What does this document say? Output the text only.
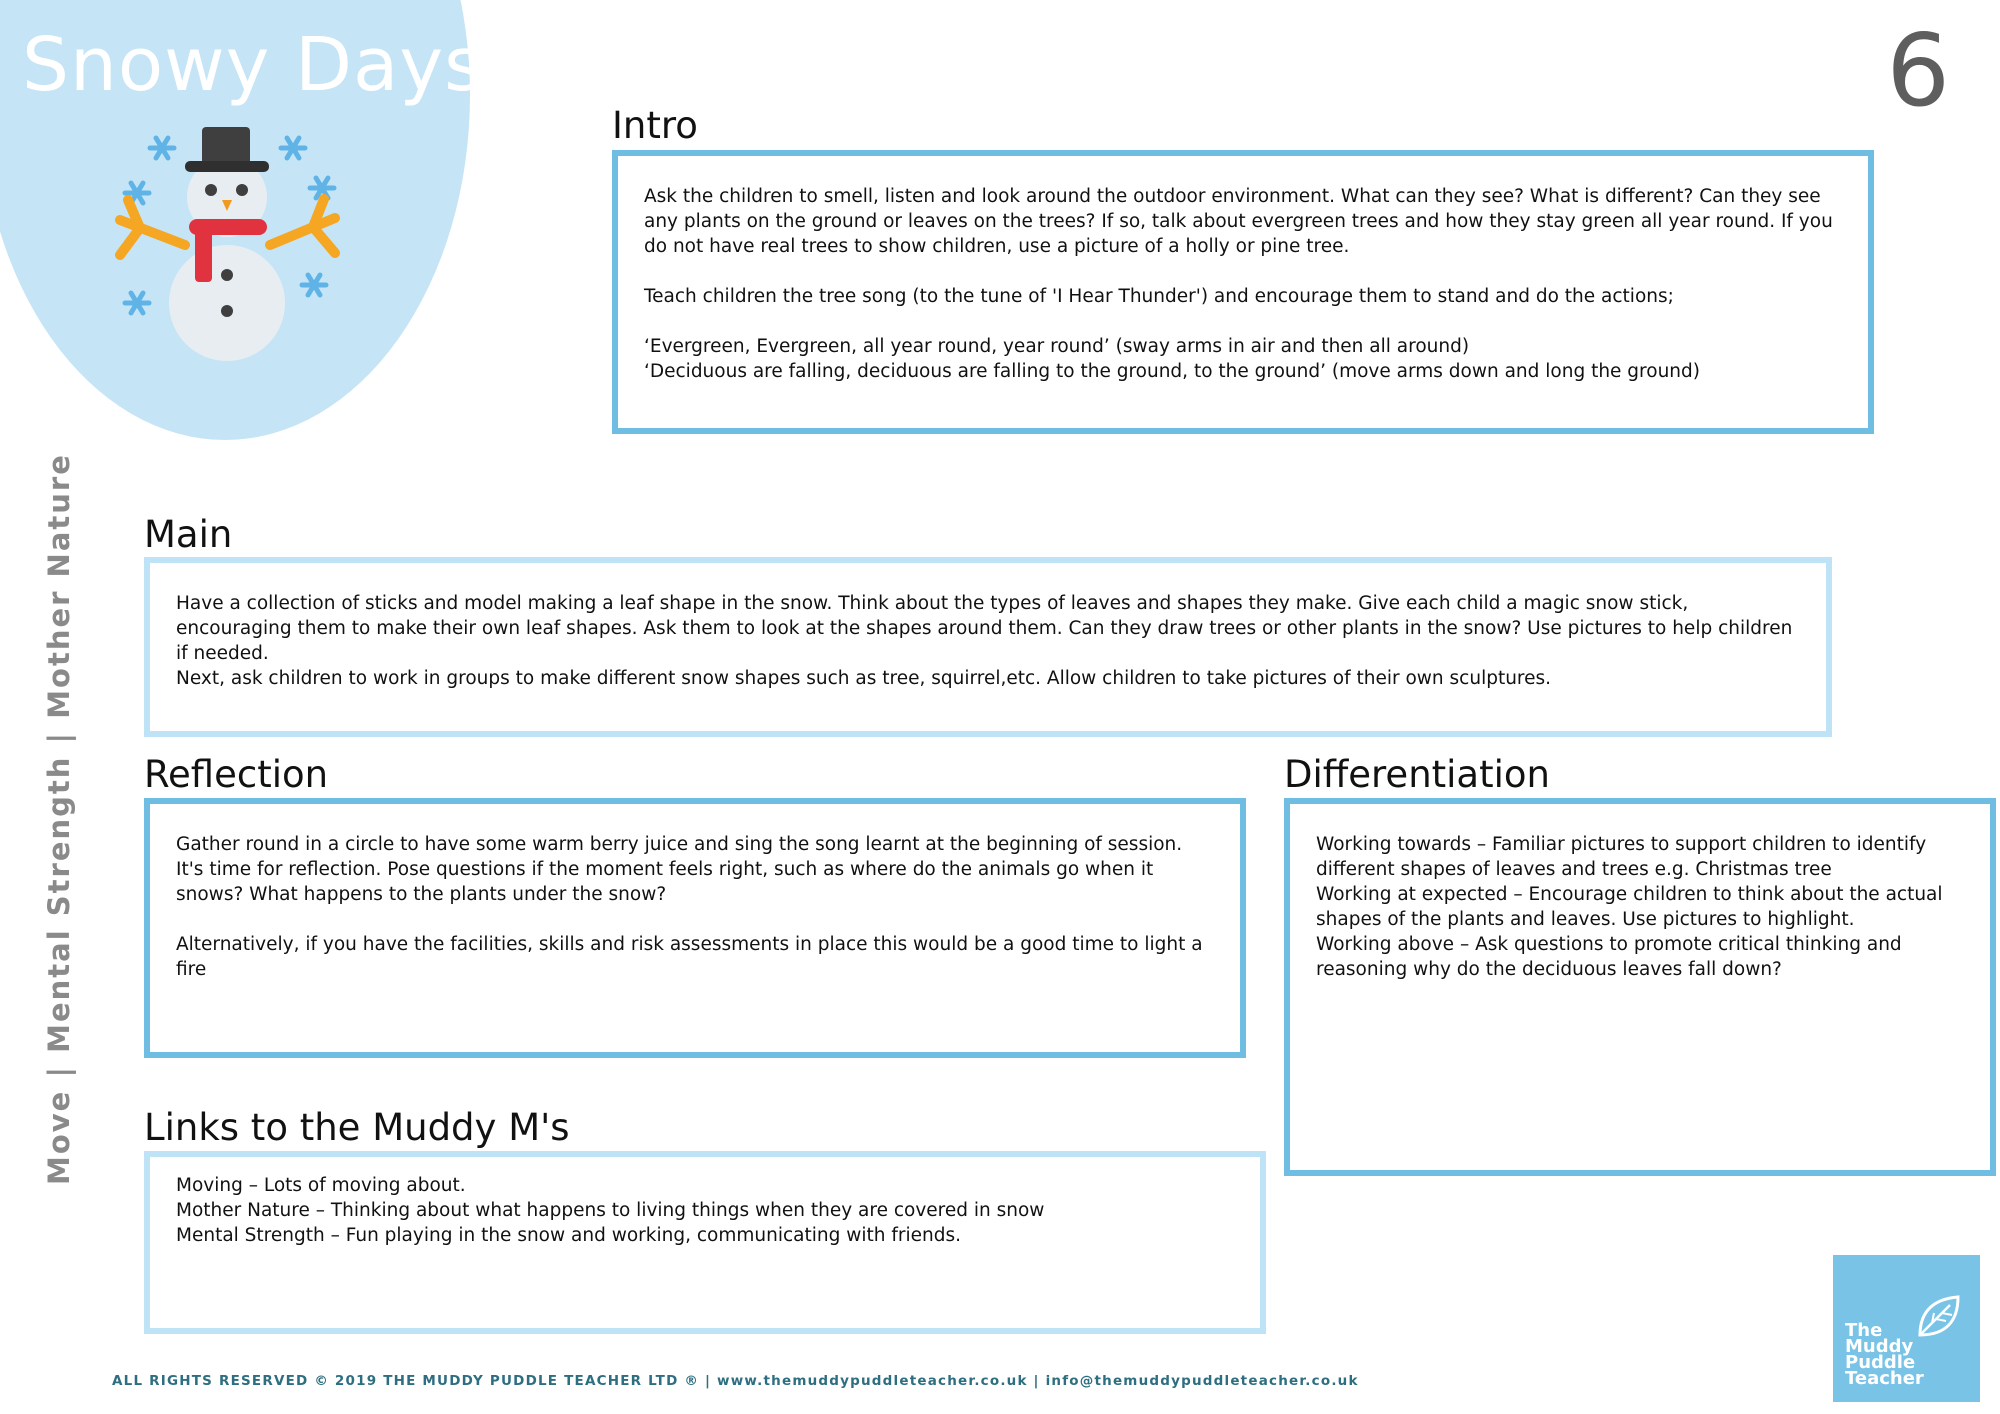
Snowy Days	6
Move | Mental Strength | Mother Nature
Intro

Ask the children to smell, listen and look around the outdoor environment. What can they see? What is different? Can they see any plants on the ground or leaves on the trees? If so, talk about evergreen trees and how they stay green all year round. If you do not have real trees to show children, use a picture of a holly or pine tree.

Teach children the tree song (to the tune of 'I Hear Thunder') and encourage them to stand and do the actions;

‘Evergreen, Evergreen, all year round, year round’ (sway arms in air and then all around)
‘Deciduous are falling, deciduous are falling to the ground, to the ground’ (move arms down and long the ground)

Main

Have a collection of sticks and model making a leaf shape in the snow. Think about the types of leaves and shapes they make. Give each child a magic snow stick, encouraging them to make their own leaf shapes. Ask them to look at the shapes around them. Can they draw trees or other plants in the snow? Use pictures to help children if needed.
Next, ask children to work in groups to make different snow shapes such as tree, squirrel,etc. Allow children to take pictures of their own sculptures.

Reflection

Gather round in a circle to have some warm berry juice and sing the song learnt at the beginning of session. It's time for reflection. Pose questions if the moment feels right, such as where do the animals go when it snows? What happens to the plants under the snow?

Alternatively, if you have the facilities, skills and risk assessments in place this would be a good time to light a fire

Differentiation

Working towards – Familiar pictures to support children to identify different shapes of leaves and trees e.g. Christmas tree
Working at expected – Encourage children to think about the actual shapes of the plants and leaves. Use pictures to highlight.
Working above – Ask questions to promote critical thinking and reasoning why do the deciduous leaves fall down?

Links to the Muddy M's

Moving – Lots of moving about.
Mother Nature – Thinking about what happens to living things when they are covered in snow
Mental Strength – Fun playing in the snow and working, communicating with friends.

ALL RIGHTS RESERVED © 2019 THE MUDDY PUDDLE TEACHER LTD ® | www.themuddypuddleteacher.co.uk | info@themuddypuddleteacher.co.uk
The
Muddy
Puddle
Teacher
